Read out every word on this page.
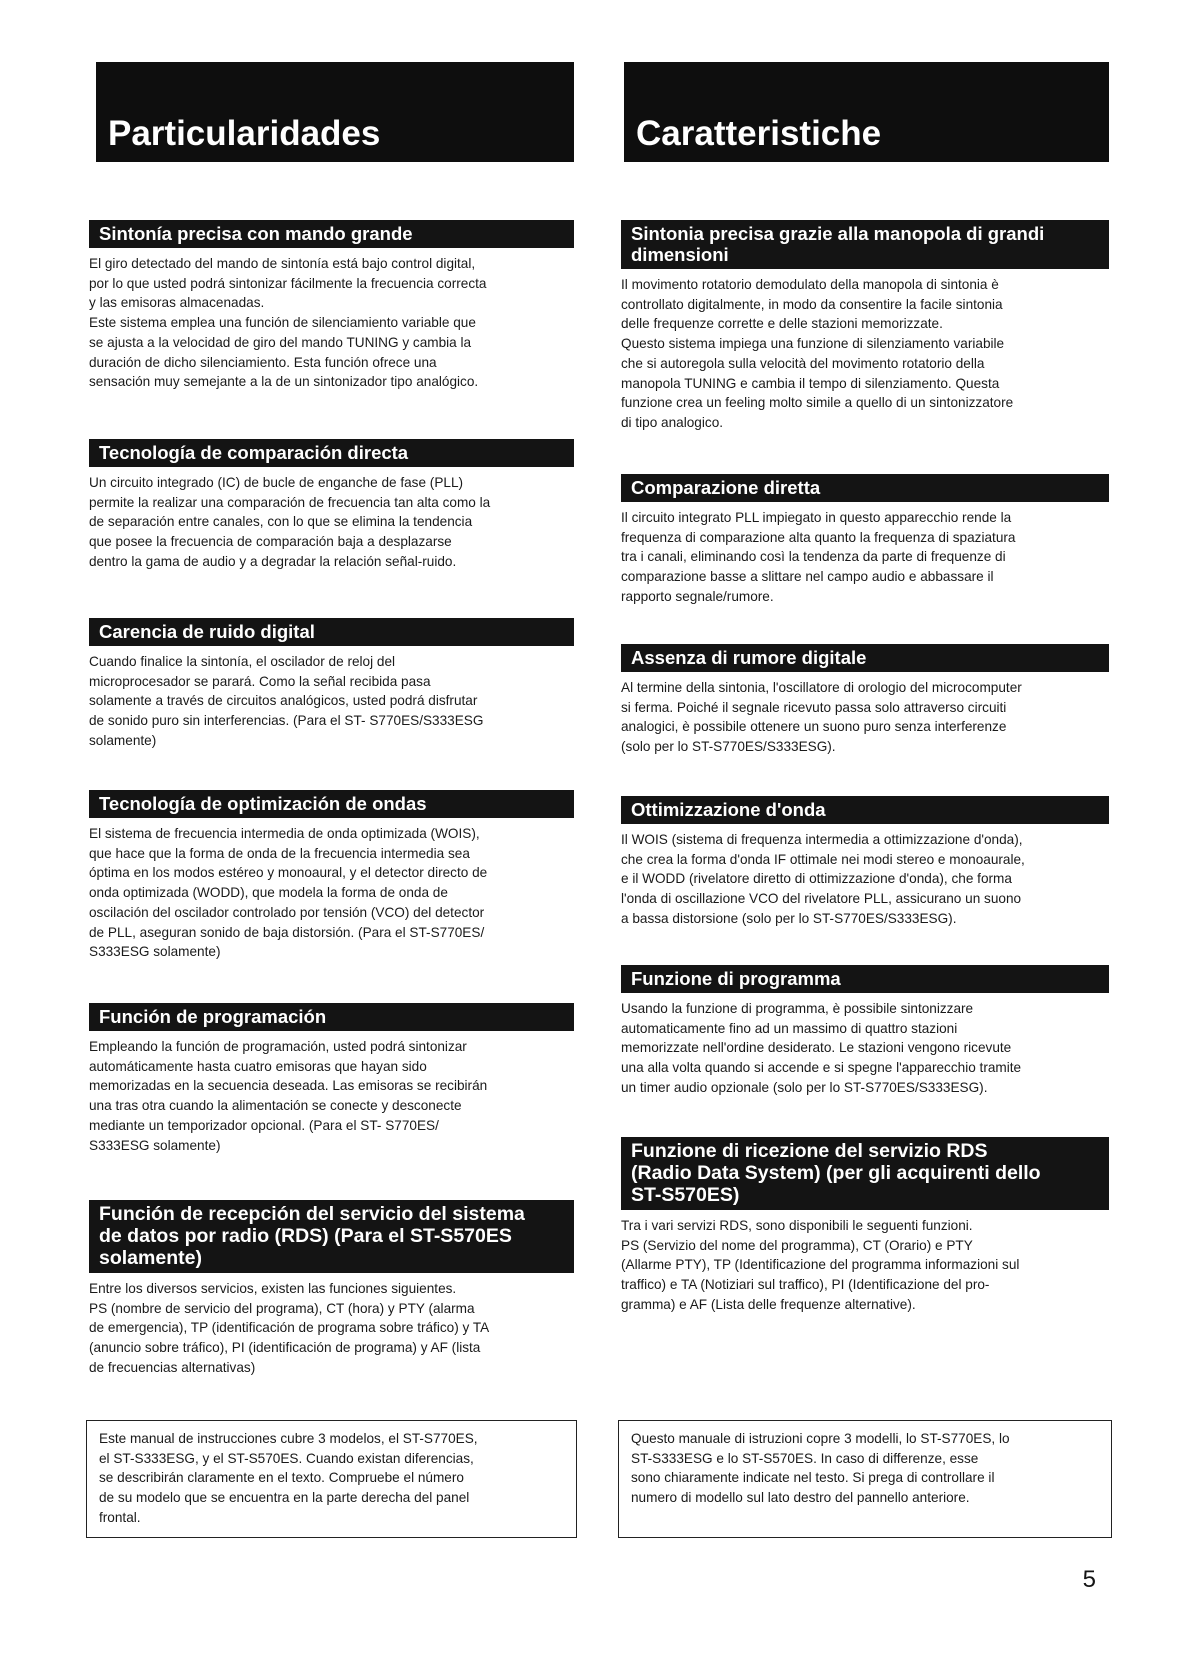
Particularidades
Sintonía precisa con mando grande
El giro detectado del mando de sintonía está bajo control digital,
por lo que usted podrá sintonizar fácilmente la frecuencia correcta
y las emisoras almacenadas.
Este sistema emplea una función de silenciamiento variable que
se ajusta a la velocidad de giro del mando TUNING y cambia la
duración de dicho silenciamiento. Esta función ofrece una
sensación muy semejante a la de un sintonizador tipo analógico.
Tecnología de comparación directa
Un circuito integrado (IC) de bucle de enganche de fase (PLL)
permite la realizar una comparación de frecuencia tan alta como la
de separación entre canales, con lo que se elimina la tendencia
que posee la frecuencia de comparación baja a desplazarse
dentro la gama de audio y a degradar la relación señal-ruido.
Carencia de ruido digital
Cuando finalice la sintonía, el oscilador de reloj del
microprocesador se parará. Como la señal recibida pasa
solamente a través de circuitos analógicos, usted podrá disfrutar
de sonido puro sin interferencias. (Para el ST- S770ES/S333ESG
solamente)
Tecnología de optimización de ondas
El sistema de frecuencia intermedia de onda optimizada (WOIS),
que hace que la forma de onda de la frecuencia intermedia sea
óptima en los modos estéreo y monoaural, y el detector directo de
onda optimizada (WODD), que modela la forma de onda de
oscilación del oscilador controlado por tensión (VCO) del detector
de PLL, aseguran sonido de baja distorsión. (Para el ST-S770ES/
S333ESG solamente)
Función de programación
Empleando la función de programación, usted podrá sintonizar
automáticamente hasta cuatro emisoras que hayan sido
memorizadas en la secuencia deseada. Las emisoras se recibirán
una tras otra cuando la alimentación se conecte y desconecte
mediante un temporizador opcional. (Para el ST- S770ES/
S333ESG solamente)
Función de recepción del servicio del sistema
de datos por radio (RDS) (Para el ST-S570ES
solamente)
Entre los diversos servicios, existen las funciones siguientes.
PS (nombre de servicio del programa), CT (hora) y PTY (alarma
de emergencia), TP (identificación de programa sobre tráfico) y TA
(anuncio sobre tráfico), PI (identificación de programa) y AF (lista
de frecuencias alternativas)
Este manual de instrucciones cubre 3 modelos, el ST-S770ES,
el ST-S333ESG, y el ST-S570ES. Cuando existan diferencias,
se describirán claramente en el texto. Compruebe el número
de su modelo que se encuentra en la parte derecha del panel
frontal.
Caratteristiche
Sintonia precisa grazie alla manopola di grandi
dimensioni
Il movimento rotatorio demodulato della manopola di sintonia è
controllato digitalmente, in modo da consentire la facile sintonia
delle frequenze corrette e delle stazioni memorizzate.
Questo sistema impiega una funzione di silenziamento variabile
che si autoregola sulla velocità del movimento rotatorio della
manopola TUNING e cambia il tempo di silenziamento. Questa
funzione crea un feeling molto simile a quello di un sintonizzatore
di tipo analogico.
Comparazione diretta
Il circuito integrato PLL impiegato in questo apparecchio rende la
frequenza di comparazione alta quanto la frequenza di spaziatura
tra i canali, eliminando così la tendenza da parte di frequenze di
comparazione basse a slittare nel campo audio e abbassare il
rapporto segnale/rumore.
Assenza di rumore digitale
Al termine della sintonia, l'oscillatore di orologio del microcomputer
si ferma. Poiché il segnale ricevuto passa solo attraverso circuiti
analogici, è possibile ottenere un suono puro senza interferenze
(solo per lo ST-S770ES/S333ESG).
Ottimizzazione d'onda
Il WOIS (sistema di frequenza intermedia a ottimizzazione d'onda),
che crea la forma d'onda IF ottimale nei modi stereo e monoaurale,
e il WODD (rivelatore diretto di ottimizzazione d'onda), che forma
l'onda di oscillazione VCO del rivelatore PLL, assicurano un suono
a bassa distorsione (solo per lo ST-S770ES/S333ESG).
Funzione di programma
Usando la funzione di programma, è possibile sintonizzare
automaticamente fino ad un massimo di quattro stazioni
memorizzate nell'ordine desiderato. Le stazioni vengono ricevute
una alla volta quando si accende e si spegne l'apparecchio tramite
un timer audio opzionale (solo per lo ST-S770ES/S333ESG).
Funzione di ricezione del servizio RDS
(Radio Data System) (per gli acquirenti dello
ST-S570ES)
Tra i vari servizi RDS, sono disponibili le seguenti funzioni.
PS (Servizio del nome del programma), CT (Orario) e PTY
(Allarme PTY), TP (Identificazione del programma informazioni sul
traffico) e TA (Notiziari sul traffico), PI (Identificazione del pro-
gramma) e AF (Lista delle frequenze alternative).
Questo manuale di istruzioni copre 3 modelli, lo ST-S770ES, lo
ST-S333ESG e lo ST-S570ES. In caso di differenze, esse
sono chiaramente indicate nel testo. Si prega di controllare il
numero di modello sul lato destro del pannello anteriore.
5
